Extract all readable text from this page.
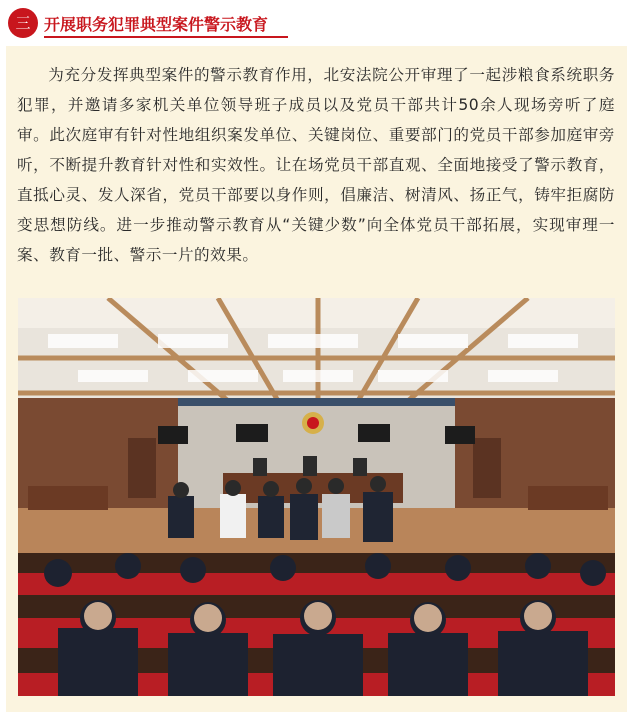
三 开展职务犯罪典型案件警示教育

为充分发挥典型案件的警示教育作用，北安法院公开审理了一起涉粮食系统职务犯罪，并邀请多家机关单位领导班子成员以及党员干部共计50余人现场旁听了庭审。此次庭审有针对性地组织案发单位、关键岗位、重要部门的党员干部参加庭审旁听，不断提升教育针对性和实效性。让在场党员干部直观、全面地接受了警示教育，直抵心灵、发人深省，党员干部要以身作则，倡廉洁、树清风、扬正气，铸牢拒腐防变思想防线。进一步推动警示教育从“关键少数”向全体党员干部拓展，实现审理一案、教育一批、警示一片的效果。
